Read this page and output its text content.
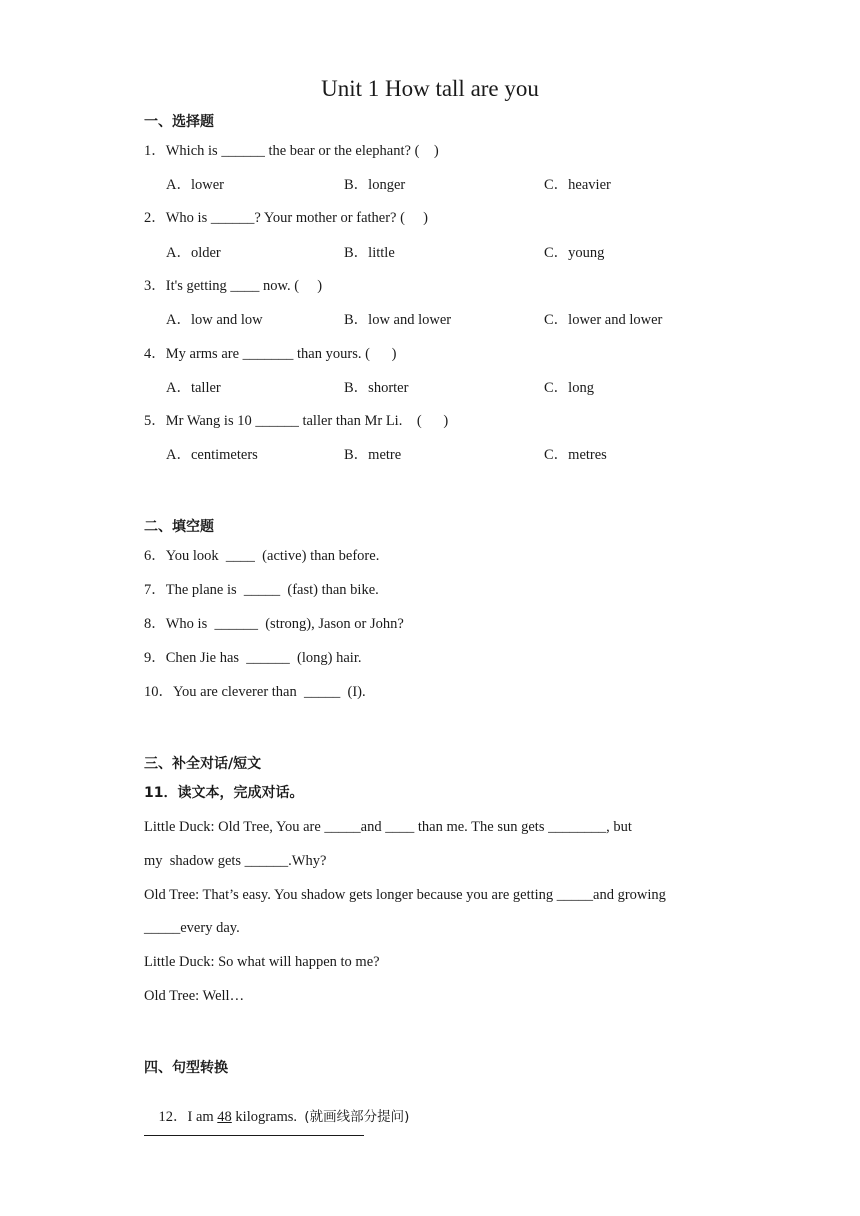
Unit 1 How tall are you
一、选择题
1．Which is ______ the bear or the elephant? (    )
A．lower	B．longer	C．heavier
2．Who is ______? Your mother or father? (     )
A．older	B．little	C．young
3．It's getting ____ now. (     )
A．low and low	B．low and lower	C．lower and lower
4．My arms are _______ than yours. (      )
A．taller	B．shorter	C．long
5．Mr Wang is 10 ______ taller than Mr Li.    (      )
A．centimeters	B．metre	C．metres
二、填空题
6．You look  ____  (active) than before.
7．The plane is  _____  (fast) than bike.
8．Who is  ______  (strong), Jason or John?
9．Chen Jie has  ______  (long) hair.
10．You are cleverer than  _____  (I).
三、补全对话/短文
11．读文本，完成对话。
Little Duck: Old Tree, You are _____and ____ than me. The sun gets ________, but
my  shadow gets ______.Why?
Old Tree: That’s easy. You shadow gets longer because you are getting _____and growing
_____every day.
Little Duck: So what will happen to me?
Old Tree: Well…
四、句型转换

12．I am 48 kilograms.  (就画线部分提问)
